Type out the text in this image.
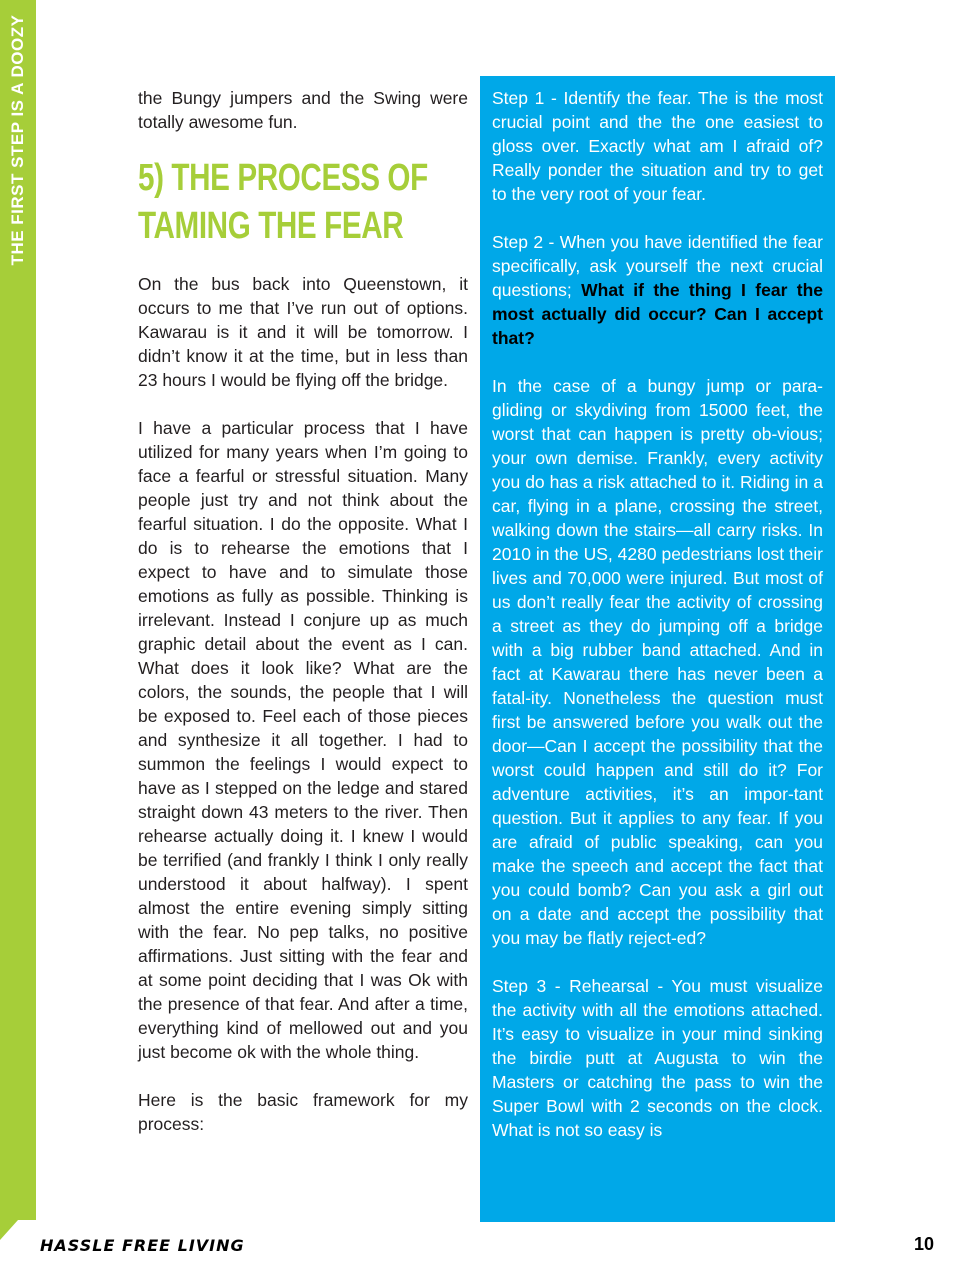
THE FIRST STEP IS A DOOZY	the Bungy jumpers and the Swing were totally awesome fun.

5) THE PROCESS OF
TAMING THE FEAR

On the bus back into Queenstown, it occurs to me that I’ve run out of options. Kawarau is it and it will be tomorrow. I didn’t know it at the time, but in less than 23 hours I would be flying off the bridge.

I have a particular process that I have utilized for many years when I’m going to face a fearful or stressful situation. Many people just try and not think about the fearful situation. I do the opposite. What I do is to rehearse the emotions that I expect to have and to simulate those emotions as fully as possible. Thinking is irrelevant. Instead I conjure up as much graphic detail about the event as I can. What does it look like? What are the colors, the sounds, the people that I will be exposed to. Feel each of those pieces and synthesize it all together. I had to summon the feelings I would expect to have as I stepped on the ledge and stared straight down 43 meters to the river. Then rehearse actually doing it. I knew I would be terrified (and frankly I think I only really understood it about halfway). I spent almost the entire evening simply sitting with the fear. No pep talks, no positive affirmations. Just sitting with the fear and at some point deciding that I was Ok with the presence of that fear. And after a time, everything kind of mellowed out and you just become ok with the whole thing.

Here is the basic framework for my process:

Step 1 - Identify the fear. The is the most crucial point and the the one easiest to gloss over. Exactly what am I afraid of? Really ponder the situation and try to get to the very root of your fear.

Step 2 - When you have identified the fear specifically, ask yourself the next crucial questions; What if the thing I fear the most actually did occur? Can I accept that?

In the case of a bungy jump or para-gliding or skydiving from 15000 feet, the worst that can happen is pretty ob-vious; your own demise. Frankly, every activity you do has a risk attached to it. Riding in a car, flying in a plane, crossing the street, walking down the stairs—all carry risks. In 2010 in the US, 4280 pedestrians lost their lives and 70,000 were injured. But most of us don’t really fear the activity of crossing a street as they do jumping off a bridge with a big rubber band attached. And in fact at Kawarau there has never been a fatal-ity. Nonetheless the question must first be answered before you walk out the door—Can I accept the possibility that the worst could happen and still do it? For adventure activities, it’s an impor-tant question. But it applies to any fear. If you are afraid of public speaking, can you make the speech and accept the fact that you could bomb? Can you ask a girl out on a date and accept the possibility that you may be flatly reject-ed?

Step 3 - Rehearsal - You must visualize the activity with all the emotions attached. It’s easy to visualize in your mind sinking the birdie putt at Augusta to win the Masters or catching the pass to win the Super Bowl with 2 seconds on the clock. What is not so easy is

HASSLE FREE LIVING	10
